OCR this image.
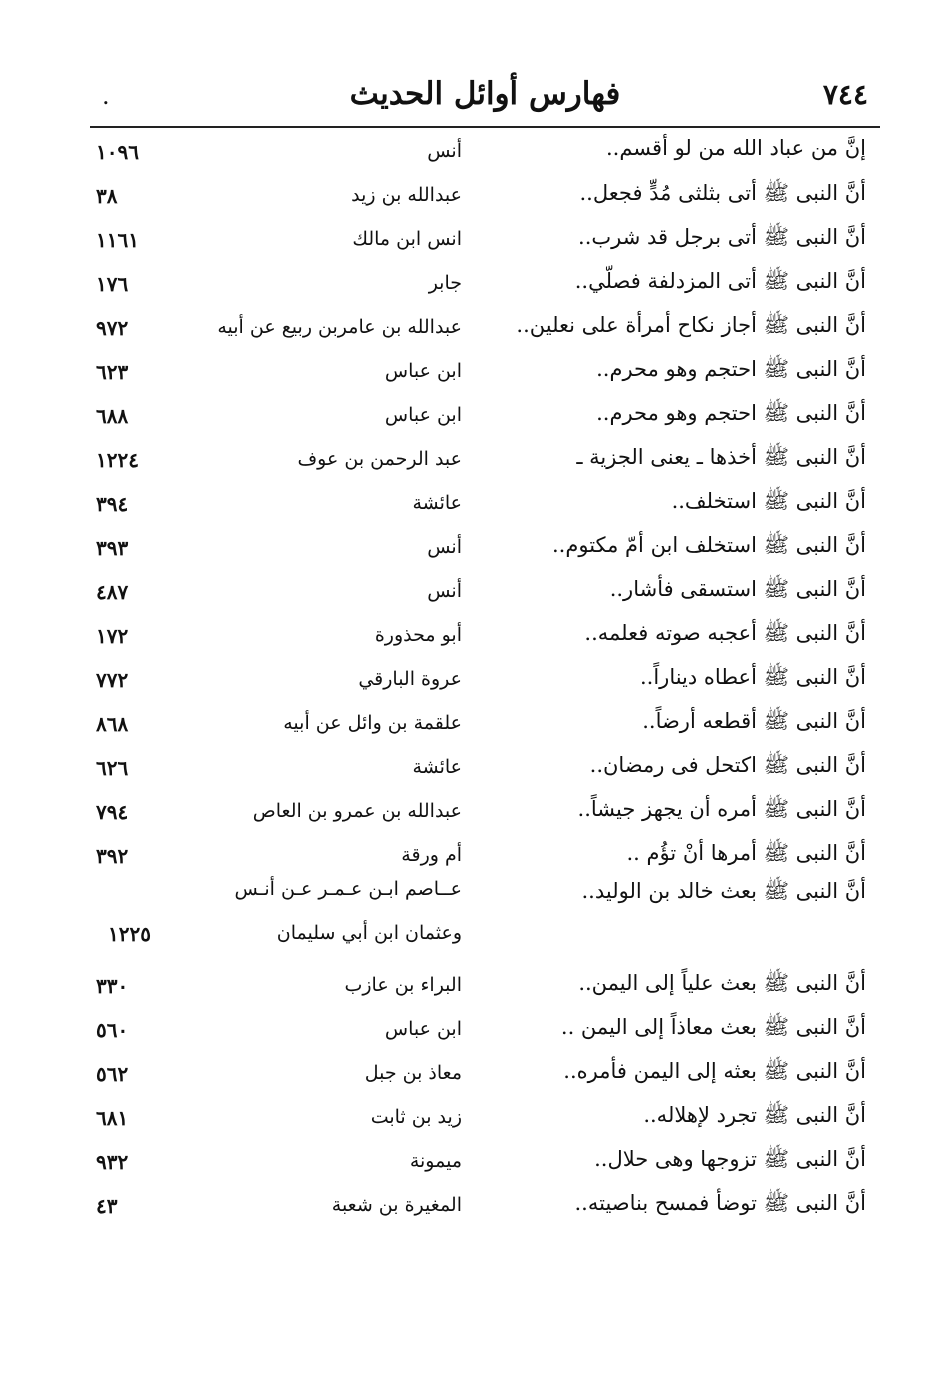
.	فهارس أوائل الحديث	٧٤٤
إنَّ من عباد الله من لو أقسم..
أنس
١٠٩٦
أنَّ النبى ﷺ أتى بثلثى مُدٍّ فجعل..
عبدالله بن زيد
٣٨
أنَّ النبى ﷺ أتى برجل قد شرب..
انس ابن مالك
١١٦١
أنَّ النبى ﷺ أتى المزدلفة فصلّي..
جابر
١٧٦
أنَّ النبى ﷺ أجاز نكاح أمرأة على نعلين..
عبدالله بن عامربن ربيع عن أبيه
٩٧٢
أنَّ النبى ﷺ احتجم وهو محرم..
ابن عباس
٦٢٣
أنَّ النبى ﷺ احتجم وهو محرم..
ابن عباس
٦٨٨
أنَّ النبى ﷺ أخذها ـ يعنى الجزية ـ
عبد الرحمن بن عوف
١٢٢٤
أنَّ النبى ﷺ استخلف..
عائشة
٣٩٤
أنَّ النبى ﷺ استخلف ابن أمّ مكتوم..
أنس
٣٩٣
أنَّ النبى ﷺ استسقى فأشار..
أنس
٤٨٧
أنَّ النبى ﷺ أعجبه صوته فعلمه..
أبو محذورة
١٧٢
أنَّ النبى ﷺ أعطاه ديناراً..
عروة البارقي
٧٧٢
أنَّ النبى ﷺ أقطعه أرضاً..
علقمة بن وائل عن أبيه
٨٦٨
أنَّ النبى ﷺ اكتحل فى رمضان..
عائشة
٦٢٦
أنَّ النبى ﷺ أمره أن يجهز جيشاً..
عبدالله بن عمرو بن العاص
٧٩٤
أنَّ النبى ﷺ أمرها أنْ تؤُم ..
أم ورقة
٣٩٢
أنَّ النبى ﷺ بعث خالد بن الوليد..
عــاصم ابـن عـمـر عـن أنـس
وعثمان ابن أبي سليمان
١٢٢٥
أنَّ النبى ﷺ بعث علياً إلى اليمن..
البراء بن عازب
٣٣٠
أنَّ النبى ﷺ بعث معاذاً إلى اليمن ..
ابن عباس
٥٦٠
أنَّ النبى ﷺ بعثه إلى اليمن فأمره..
معاذ بن جبل
٥٦٢
أنَّ النبى ﷺ تجرد لإهلاله..
زيد بن ثابت
٦٨١
أنَّ النبى ﷺ تزوجها وهى حلال..
ميمونة
٩٣٢
أنَّ النبى ﷺ توضأ فمسح بناصيته..
المغيرة بن شعبة
٤٣
